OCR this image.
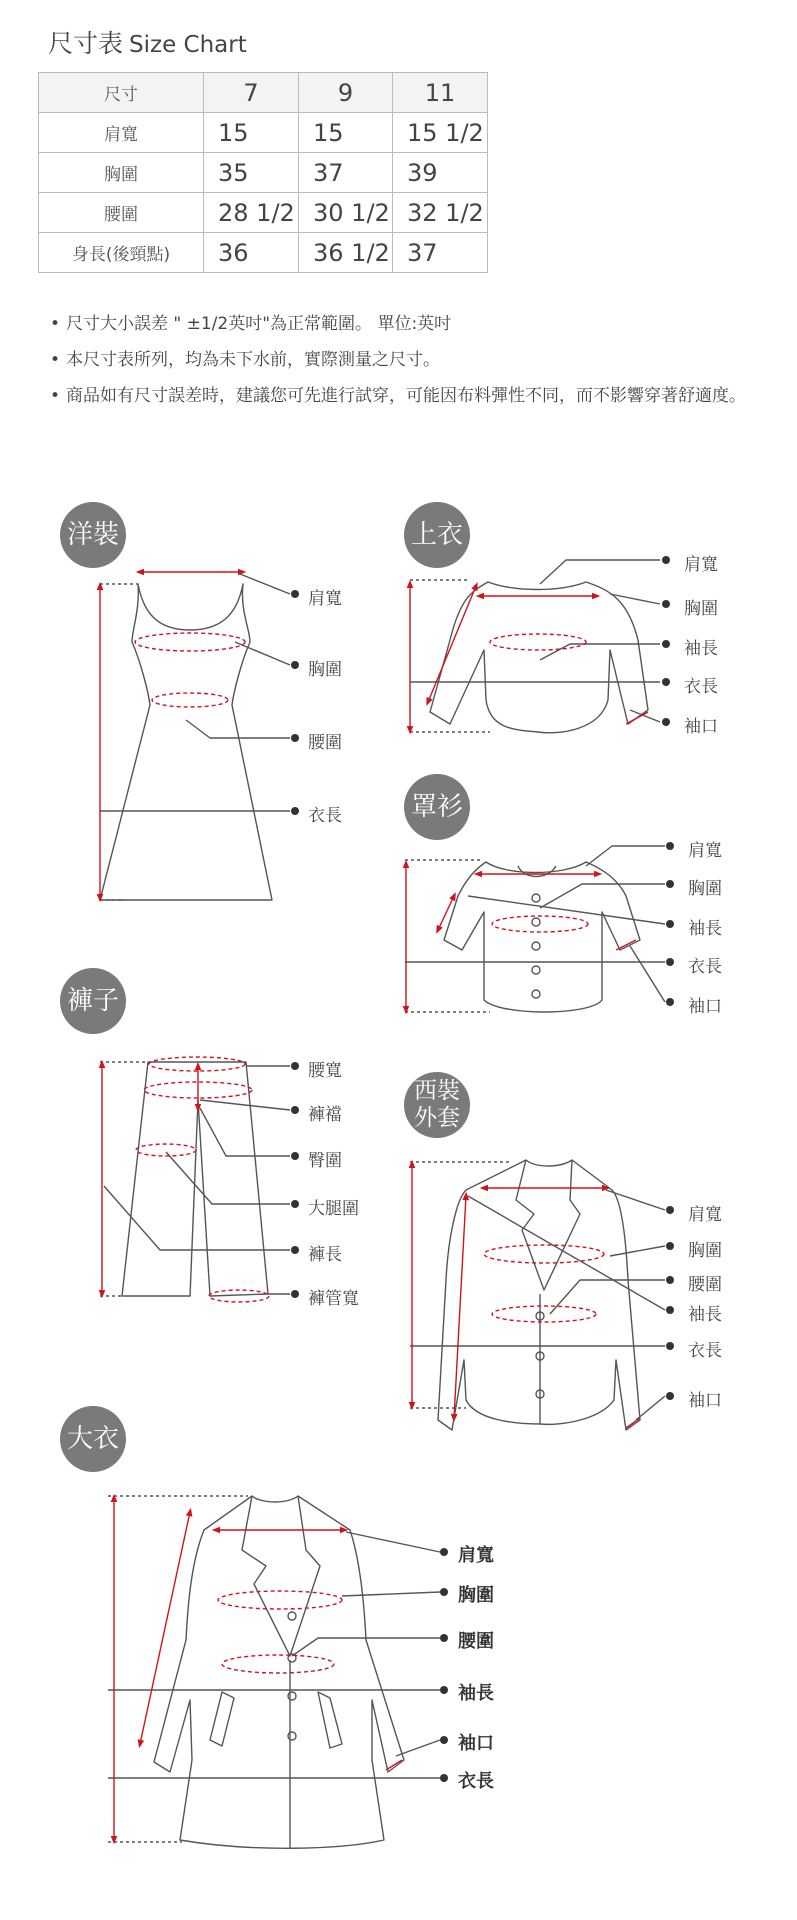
尺寸表 Size Chart
尺寸	7	9	11
肩寬	15	15	15 1/2
胸圍	35	37	39
腰圍	28 1/2	30 1/2	32 1/2
身長(後頸點)	36	36 1/2	37
• 尺寸大小誤差 " ±1/2英吋"為正常範圍。 單位:英吋
• 本尺寸表所列，均為未下水前，實際測量之尺寸。
• 商品如有尺寸誤差時，建議您可先進行試穿，可能因布料彈性不同，而不影響穿著舒適度。
洋裝	上衣
罩衫
褲子
西裝外套
大衣
肩寬
胸圍
腰圍
衣長
肩寬
胸圍
袖長
衣長
袖口
肩寬
胸圍
袖長
衣長
袖口
腰寬
褲襠
臀圍
大腿圍
褲長
褲管寬
肩寬
胸圍
腰圍
袖長
衣長
袖口
肩寬
胸圍
腰圍
袖長
袖口
衣長
